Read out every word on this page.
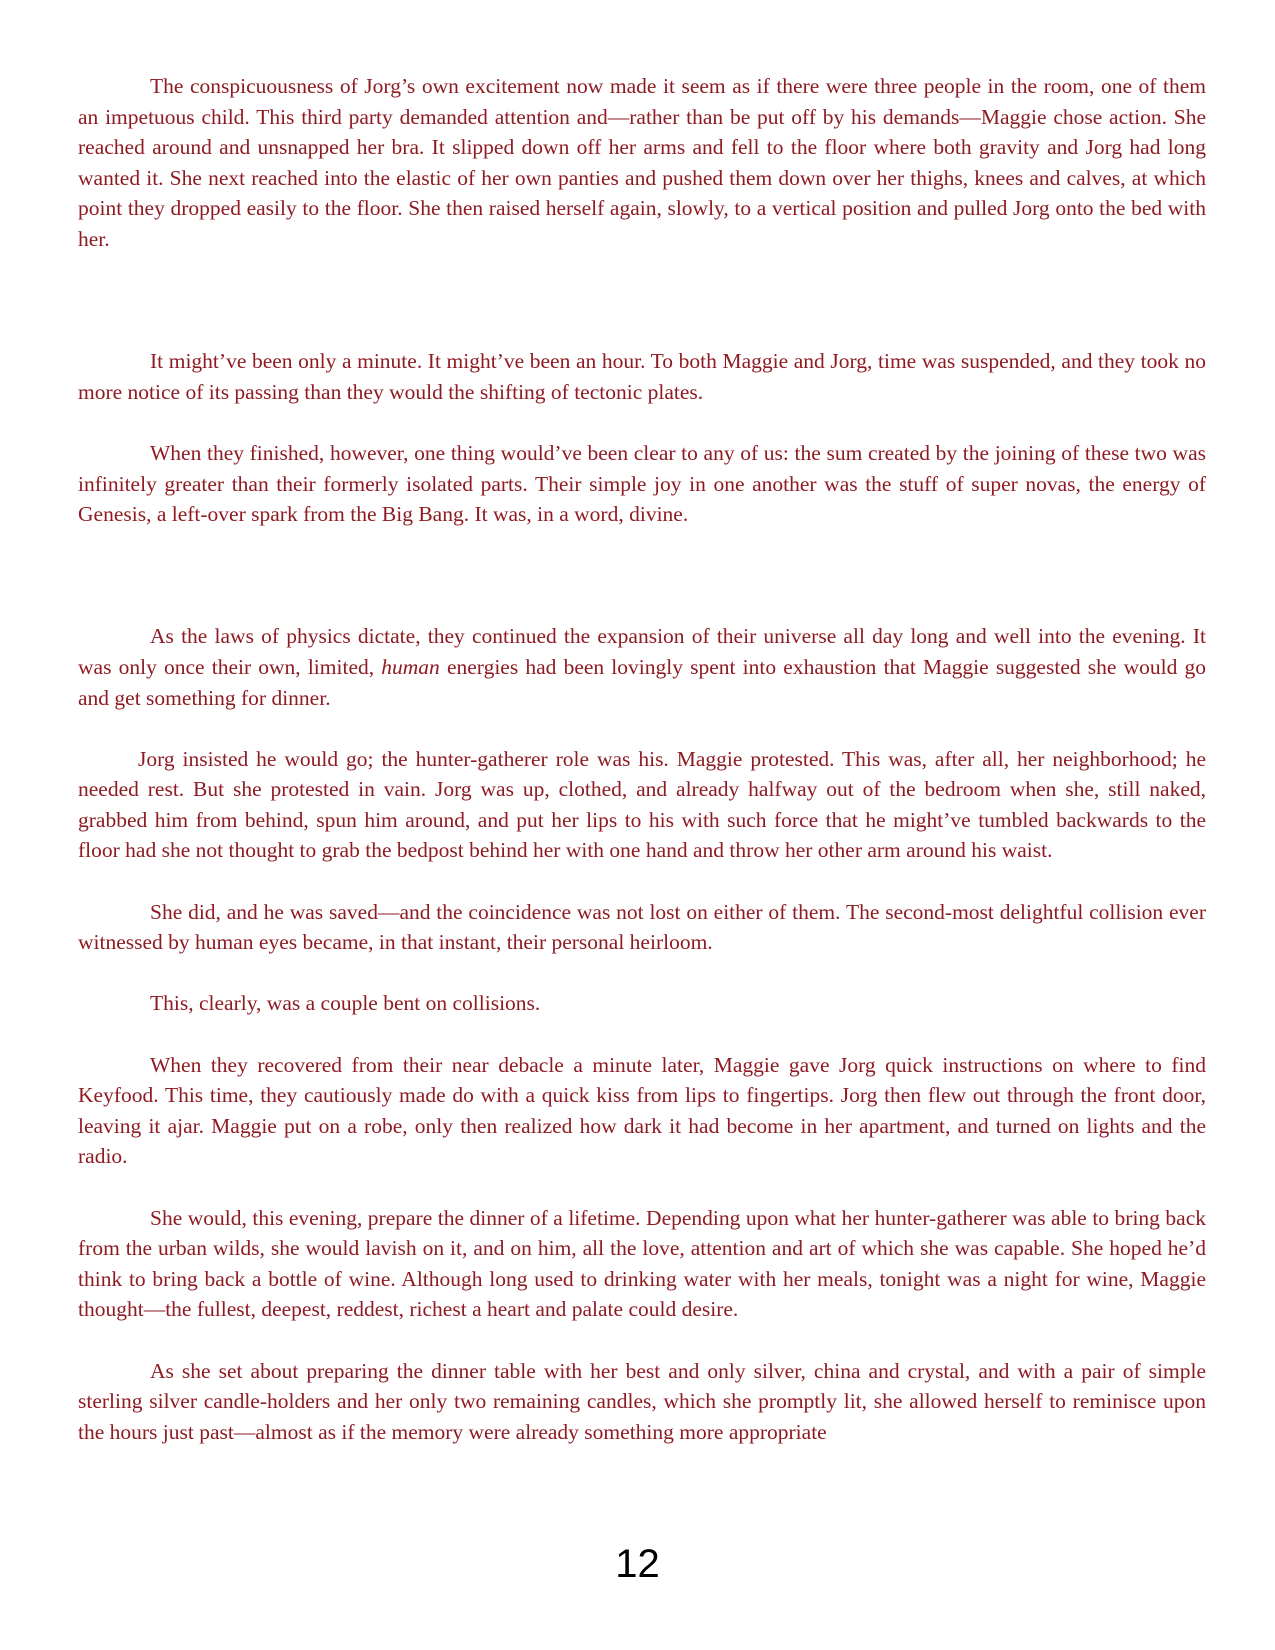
The conspicuousness of Jorg’s own excitement now made it seem as if there were three people in the room, one of them an impetuous child. This third party demanded attention and—rather than be put off by his demands—Maggie chose action. She reached around and unsnapped her bra. It slipped down off her arms and fell to the floor where both gravity and Jorg had long wanted it. She next reached into the elastic of her own panties and pushed them down over her thighs, knees and calves, at which point they dropped easily to the floor. She then raised herself again, slowly, to a vertical position and pulled Jorg onto the bed with her.

It might’ve been only a minute. It might’ve been an hour. To both Maggie and Jorg, time was suspended, and they took no more notice of its passing than they would the shifting of tectonic plates.

When they finished, however, one thing would’ve been clear to any of us: the sum created by the joining of these two was infinitely greater than their formerly isolated parts. Their simple joy in one another was the stuff of super novas, the energy of Genesis, a left-over spark from the Big Bang. It was, in a word, divine.

As the laws of physics dictate, they continued the expansion of their universe all day long and well into the evening. It was only once their own, limited, human energies had been lovingly spent into exhaustion that Maggie suggested she would go and get something for dinner.

Jorg insisted he would go; the hunter-gatherer role was his. Maggie protested. This was, after all, her neighborhood; he needed rest. But she protested in vain. Jorg was up, clothed, and already halfway out of the bedroom when she, still naked, grabbed him from behind, spun him around, and put her lips to his with such force that he might’ve tumbled backwards to the floor had she not thought to grab the bedpost behind her with one hand and throw her other arm around his waist.

She did, and he was saved—and the coincidence was not lost on either of them. The second-most delightful collision ever witnessed by human eyes became, in that instant, their personal heirloom.

This, clearly, was a couple bent on collisions.

When they recovered from their near debacle a minute later, Maggie gave Jorg quick instructions on where to find Keyfood. This time, they cautiously made do with a quick kiss from lips to fingertips. Jorg then flew out through the front door, leaving it ajar. Maggie put on a robe, only then realized how dark it had become in her apartment, and turned on lights and the radio.

She would, this evening, prepare the dinner of a lifetime. Depending upon what her hunter-gatherer was able to bring back from the urban wilds, she would lavish on it, and on him, all the love, attention and art of which she was capable. She hoped he’d think to bring back a bottle of wine. Although long used to drinking water with her meals, tonight was a night for wine, Maggie thought—the fullest, deepest, reddest, richest a heart and palate could desire.

As she set about preparing the dinner table with her best and only silver, china and crystal, and with a pair of simple sterling silver candle-holders and her only two remaining candles, which she promptly lit, she allowed herself to reminisce upon the hours just past—almost as if the memory were already something more appropriate

12
